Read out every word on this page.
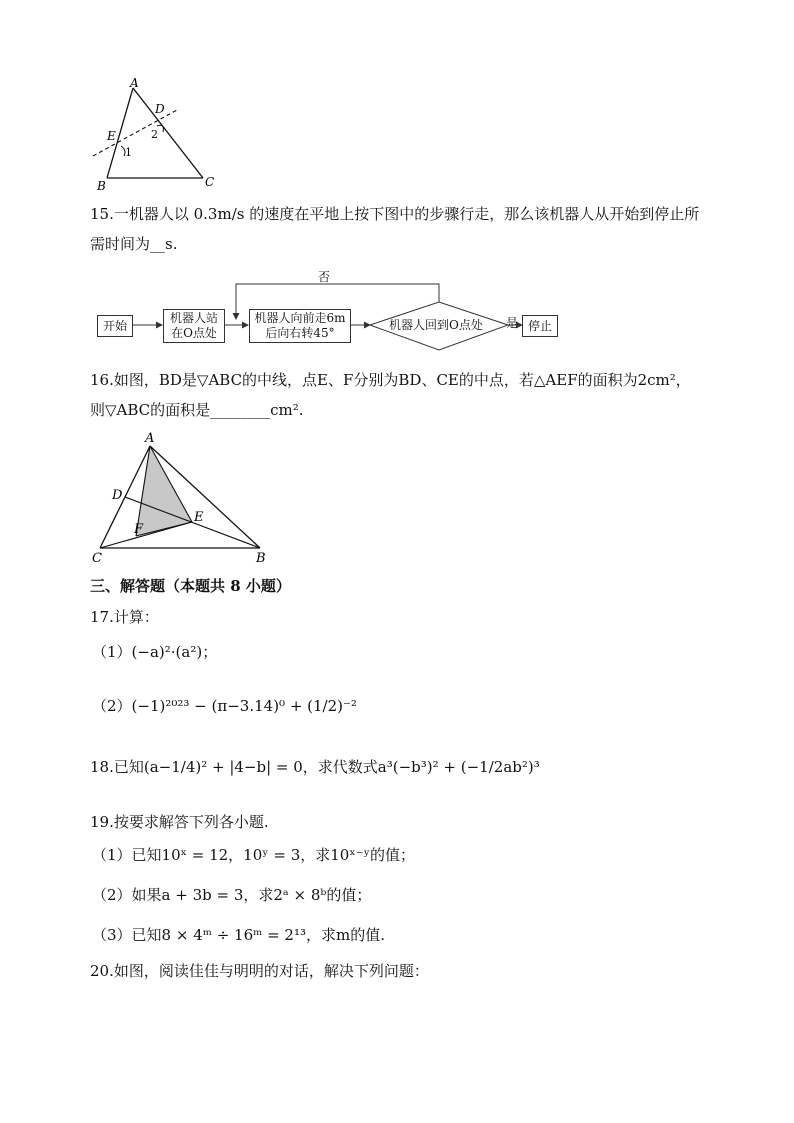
A
D
E
1
2
B	C
15.一机器人以 0.3m/s 的速度在平地上按下图中的步骤行走，那么该机器人从开始到停止所
需时间为__s.
开始
机器人站
在O点处
机器人向前走6m
后向右转45°
机器人回到O点处
否
是 停止
16.如图，BD是▽ABC的中线，点E、F分别为BD、CE的中点，若△AEF的面积为2cm²，
则▽ABC的面积是________cm².
A
D
E
F
C	B
三、解答题（本题共 8 小题）
17.计算：
（1）(−a)²·(a²)；
（2）(−1)²⁰²³ − (π−3.14)⁰ + (1/2)⁻²
18.已知(a−1/4)² + |4−b| = 0，求代数式a³(−b³)² + (−1/2ab²)³
19.按要求解答下列各小题.
（1）已知10ˣ = 12，10ʸ = 3，求10ˣ⁻ʸ的值；
（2）如果a + 3b = 3，求2ᵃ × 8ᵇ的值；
（3）已知8 × 4ᵐ ÷ 16ᵐ = 2¹³，求m的值.
20.如图，阅读佳佳与明明的对话，解决下列问题：
